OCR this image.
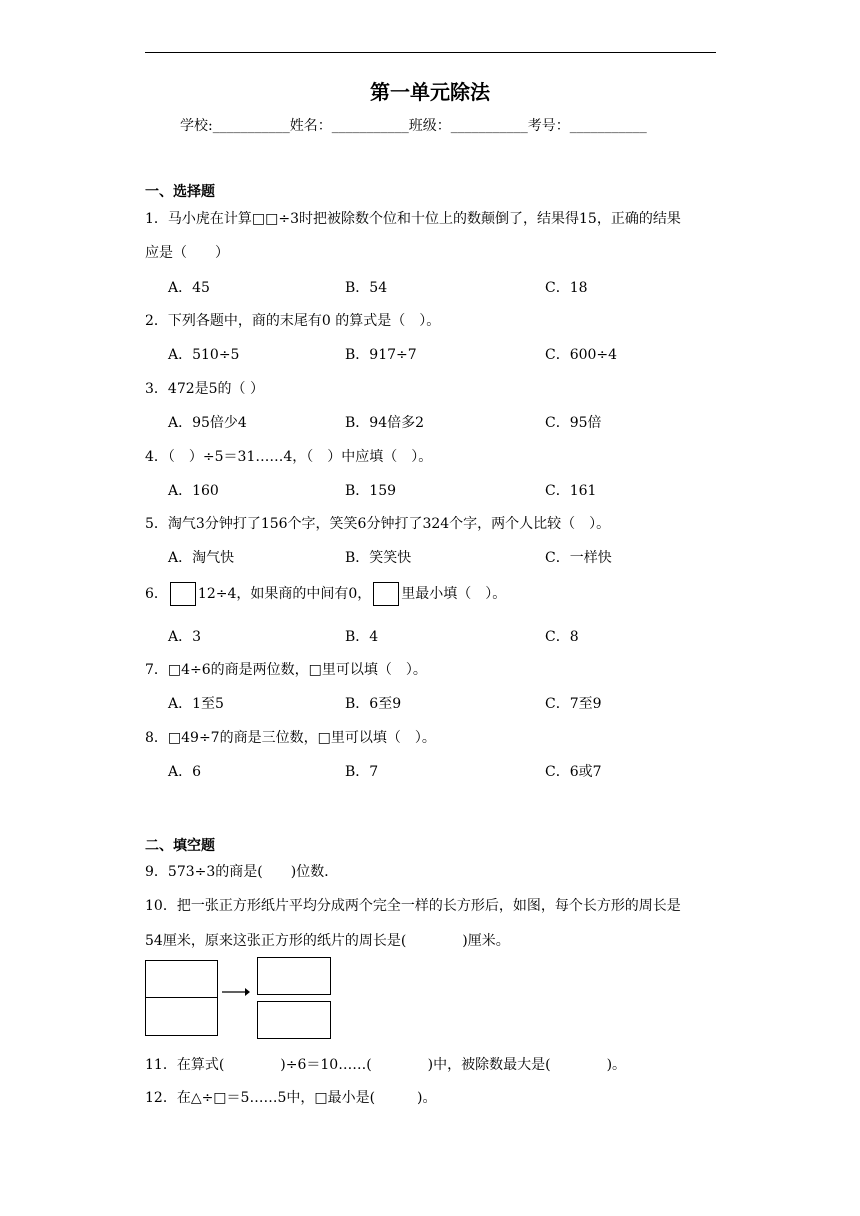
第一单元除法
学校:___________姓名：___________班级：___________考号：___________
一、选择题
1．马小虎在计算□□÷3时把被除数个位和十位上的数颠倒了，结果得15，正确的结果
应是（　　）
A．45	B．54	C．18
2．下列各题中，商的末尾有0 的算式是（　）。
A．510÷5	B．917÷7	C．600÷4
3．472是5的（ ）
A．95倍少4	B．94倍多2	C．95倍
4．（　）÷5＝31……4，（　）中应填（　）。
A．160	B．159	C．161
5．淘气3分钟打了156个字，笑笑6分钟打了324个字，两个人比较（　）。
A．淘气快	B．笑笑快	C．一样快
6． 12÷4，如果商的中间有0， 里最小填（　）。
A．3	B．4	C．8
7．□4÷6的商是两位数，□里可以填（　）。
A．1至5	B．6至9	C．7至9
8．□49÷7的商是三位数，□里可以填（　）。
A．6	B．7	C．6或7
二、填空题
9．573÷3的商是(　　)位数．
10．把一张正方形纸片平均分成两个完全一样的长方形后，如图，每个长方形的周长是
54厘米，原来这张正方形的纸片的周长是(　　　　)厘米。
11．在算式(　　　　)÷6＝10……(　　　　)中，被除数最大是(　　　　)。
12．在△÷□＝5……5中，□最小是(　　　)。
